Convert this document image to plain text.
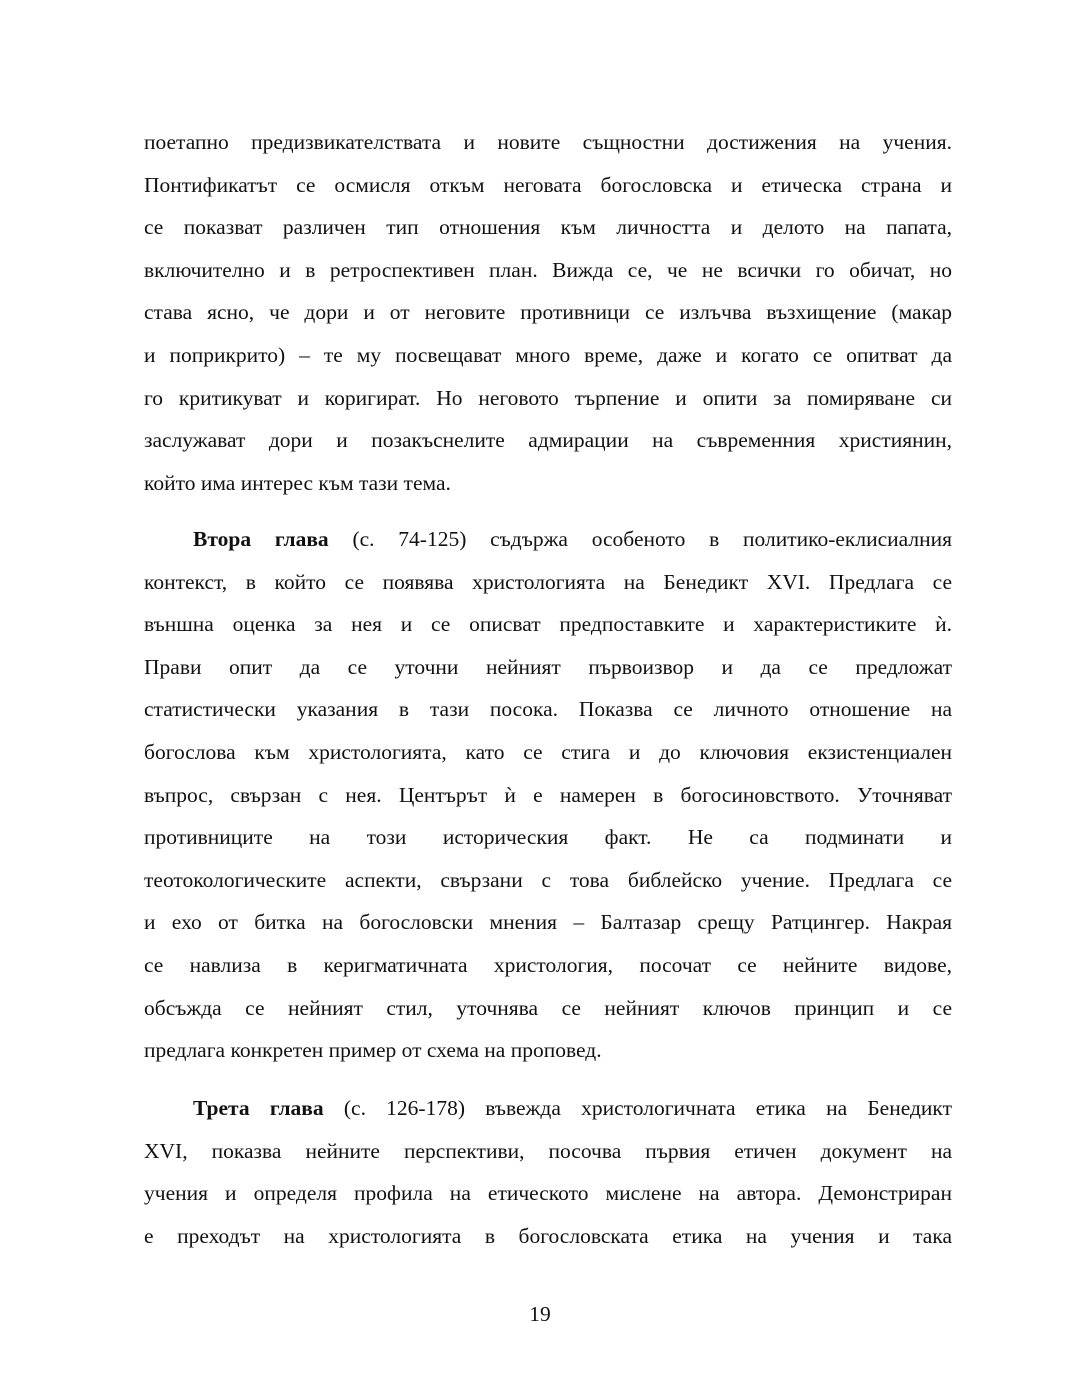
поетапно предизвикателствата и новите същностни достижения на учения.
Понтификатът се осмисля откъм неговата богословска и етическа страна и
се показват различен тип отношения към личността и делото на папата,
включително и в ретроспективен план. Вижда се, че не всички го обичат, но
става ясно, че дори и от неговите противници се излъчва възхищение (макар
и поприкрито) – те му посвещават много време, даже и когато се опитват да
го критикуват и коригират. Но неговото търпение и опити за помиряване си
заслужават дори и позакъснелите адмирации на съвременния християнин,
който има интерес към тази тема.
Втора глава (с. 74-125) съдържа особеното в политико-еклисиалния
контекст, в който се появява христологията на Бенедикт XVI. Предлага се
външна оценка за нея и се описват предпоставките и характеристиките ѝ.
Прави опит да се уточни нейният първоизвор и да се предложат
статистически указания в тази посока. Показва се личното отношение на
богослова към христологията, като се стига и до ключовия екзистенциален
въпрос, свързан с нея. Центърът ѝ е намерен в богосиновството. Уточняват
противниците на този историческия факт. Не са подминати и
теотокологическите аспекти, свързани с това библейско учение. Предлага се
и ехо от битка на богословски мнения – Балтазар срещу Ратцингер. Накрая
се навлиза в керигматичната христология, посочат се нейните видове,
обсъжда се нейният стил, уточнява се нейният ключов принцип и се
предлага конкретен пример от схема на проповед.
Трета глава (с. 126-178) въвежда христологичната етика на Бенедикт
XVI, показва нейните перспективи, посочва първия етичен документ на
учения и определя профила на етическото мислене на автора. Демонстриран
е преходът на христологията в богословската етика на учения и така
19
